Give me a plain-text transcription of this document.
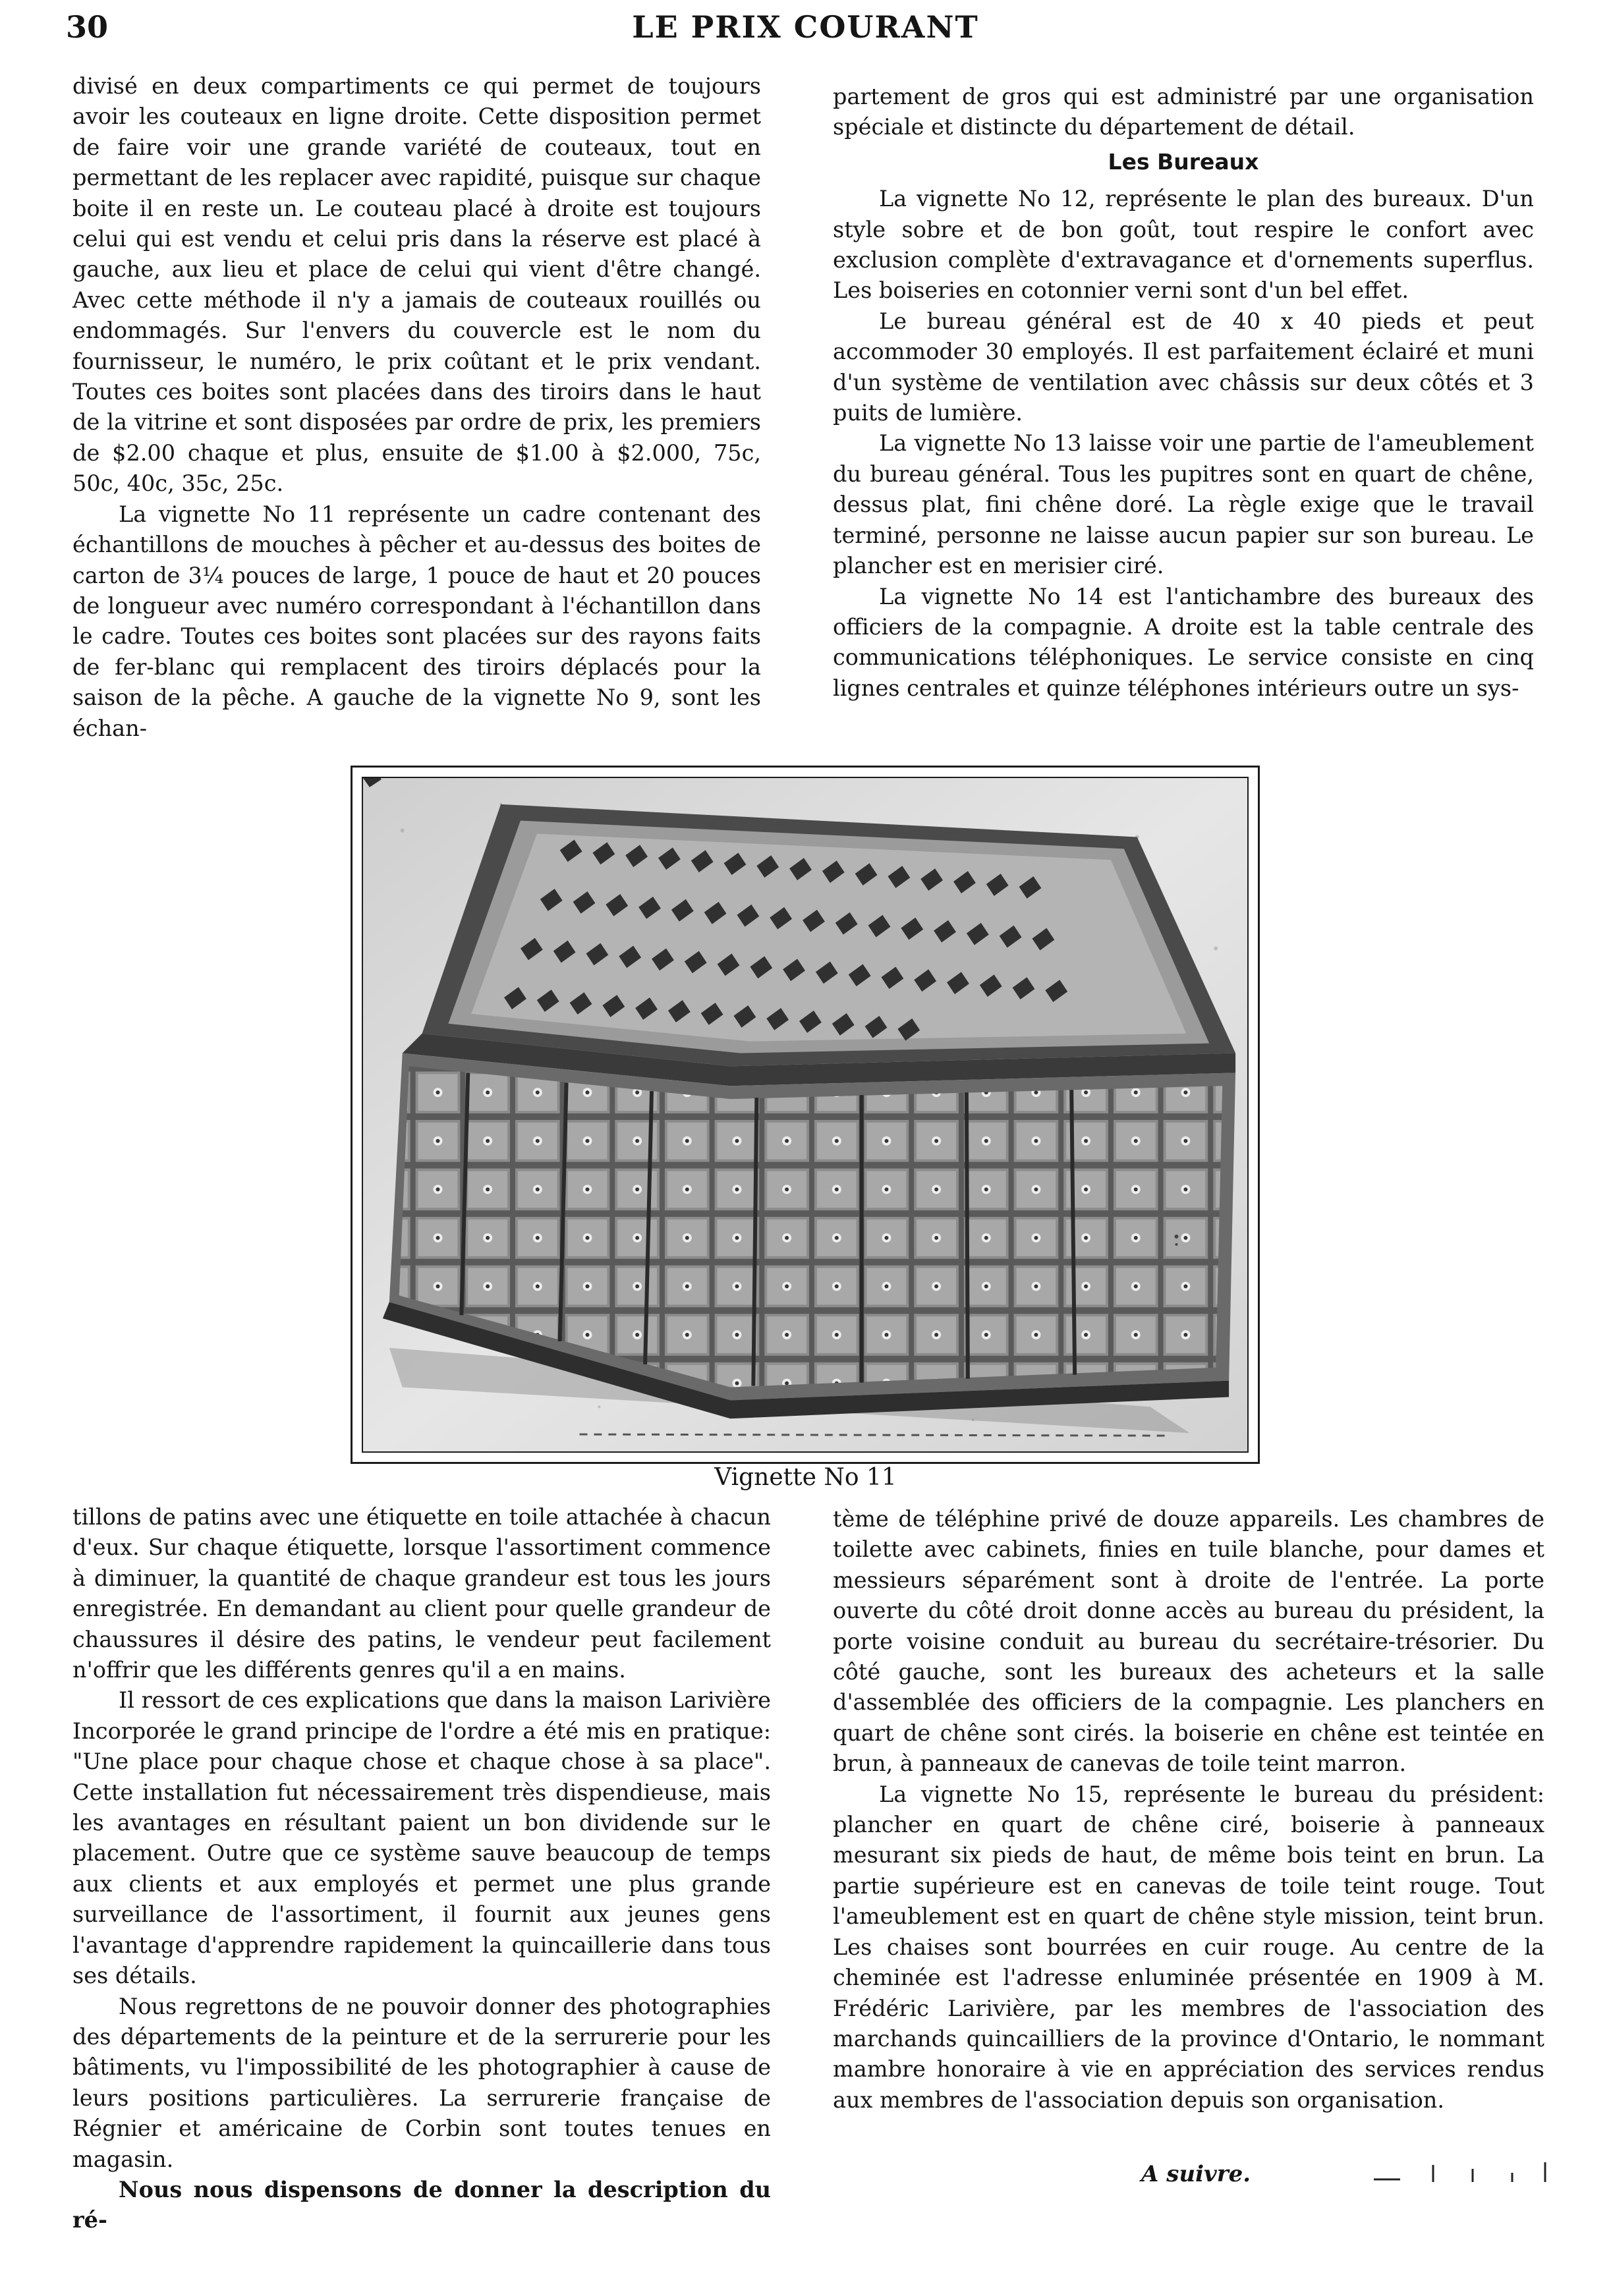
30	LE PRIX COURANT

divisé en deux compartiments ce qui permet de toujours avoir les couteaux en ligne droite. Cette disposition permet de faire voir une grande variété de couteaux, tout en permettant de les replacer avec rapidité, puisque sur chaque boite il en reste un. Le couteau placé à droite est toujours celui qui est vendu et celui pris dans la réserve est placé à gauche, aux lieu et place de celui qui vient d'être changé. Avec cette méthode il n'y a jamais de couteaux rouillés ou endommagés. Sur l'envers du couvercle est le nom du fournisseur, le numéro, le prix coûtant et le prix vendant. Toutes ces boites sont placées dans des tiroirs dans le haut de la vitrine et sont disposées par ordre de prix, les premiers de $2.00 chaque et plus, ensuite de $1.00 à $2.000, 75c, 50c, 40c, 35c, 25c.

La vignette No 11 représente un cadre contenant des échantillons de mouches à pêcher et au-dessus des boites de carton de 3¼ pouces de large, 1 pouce de haut et 20 pouces de longueur avec numéro correspondant à l'échantillon dans le cadre. Toutes ces boites sont placées sur des rayons faits de fer-blanc qui remplacent des tiroirs déplacés pour la saison de la pêche. A gauche de la vignette No 9, sont les échan-

partement de gros qui est administré par une organisation spéciale et distincte du département de détail.

Les Bureaux

La vignette No 12, représente le plan des bureaux. D'un style sobre et de bon goût, tout respire le confort avec exclusion complète d'extravagance et d'ornements superflus. Les boiseries en cotonnier verni sont d'un bel effet.

Le bureau général est de 40 x 40 pieds et peut accommoder 30 employés. Il est parfaitement éclairé et muni d'un système de ventilation avec châssis sur deux côtés et 3 puits de lumière.

La vignette No 13 laisse voir une partie de l'ameublement du bureau général. Tous les pupitres sont en quart de chêne, dessus plat, fini chêne doré. La règle exige que le travail terminé, personne ne laisse aucun papier sur son bureau. Le plancher est en merisier ciré.

La vignette No 14 est l'antichambre des bureaux des officiers de la compagnie. A droite est la table centrale des communications téléphoniques. Le service consiste en cinq lignes centrales et quinze téléphones intérieurs outre un sys-

Vignette No 11

tillons de patins avec une étiquette en toile attachée à chacun d'eux. Sur chaque étiquette, lorsque l'assortiment commence à diminuer, la quantité de chaque grandeur est tous les jours enregistrée. En demandant au client pour quelle grandeur de chaussures il désire des patins, le vendeur peut facilement n'offrir que les différents genres qu'il a en mains.

Il ressort de ces explications que dans la maison Larivière Incorporée le grand principe de l'ordre a été mis en pratique: "Une place pour chaque chose et chaque chose à sa place". Cette installation fut nécessairement très dispendieuse, mais les avantages en résultant paient un bon dividende sur le placement. Outre que ce système sauve beaucoup de temps aux clients et aux employés et permet une plus grande surveillance de l'assortiment, il fournit aux jeunes gens l'avantage d'apprendre rapidement la quincaillerie dans tous ses détails.

Nous regrettons de ne pouvoir donner des photographies des départements de la peinture et de la serrurerie pour les bâtiments, vu l'impossibilité de les photographier à cause de leurs positions particulières. La serrurerie française de Régnier et américaine de Corbin sont toutes tenues en magasin.

Nous nous dispensons de donner la description du ré-

tème de téléphine privé de douze appareils. Les chambres de toilette avec cabinets, finies en tuile blanche, pour dames et messieurs séparément sont à droite de l'entrée. La porte ouverte du côté droit donne accès au bureau du président, la porte voisine conduit au bureau du secrétaire-trésorier. Du côté gauche, sont les bureaux des acheteurs et la salle d'assemblée des officiers de la compagnie. Les planchers en quart de chêne sont cirés. la boiserie en chêne est teintée en brun, à panneaux de canevas de toile teint marron.

La vignette No 15, représente le bureau du président: plancher en quart de chêne ciré, boiserie à panneaux mesurant six pieds de haut, de même bois teint en brun. La partie supérieure est en canevas de toile teint rouge. Tout l'ameublement est en quart de chêne style mission, teint brun. Les chaises sont bourrées en cuir rouge. Au centre de la cheminée est l'adresse enluminée présentée en 1909 à M. Frédéric Larivière, par les membres de l'association des marchands quincailliers de la province d'Ontario, le nommant mambre honoraire à vie en appréciation des services rendus aux membres de l'association depuis son organisation.

A suivre.
